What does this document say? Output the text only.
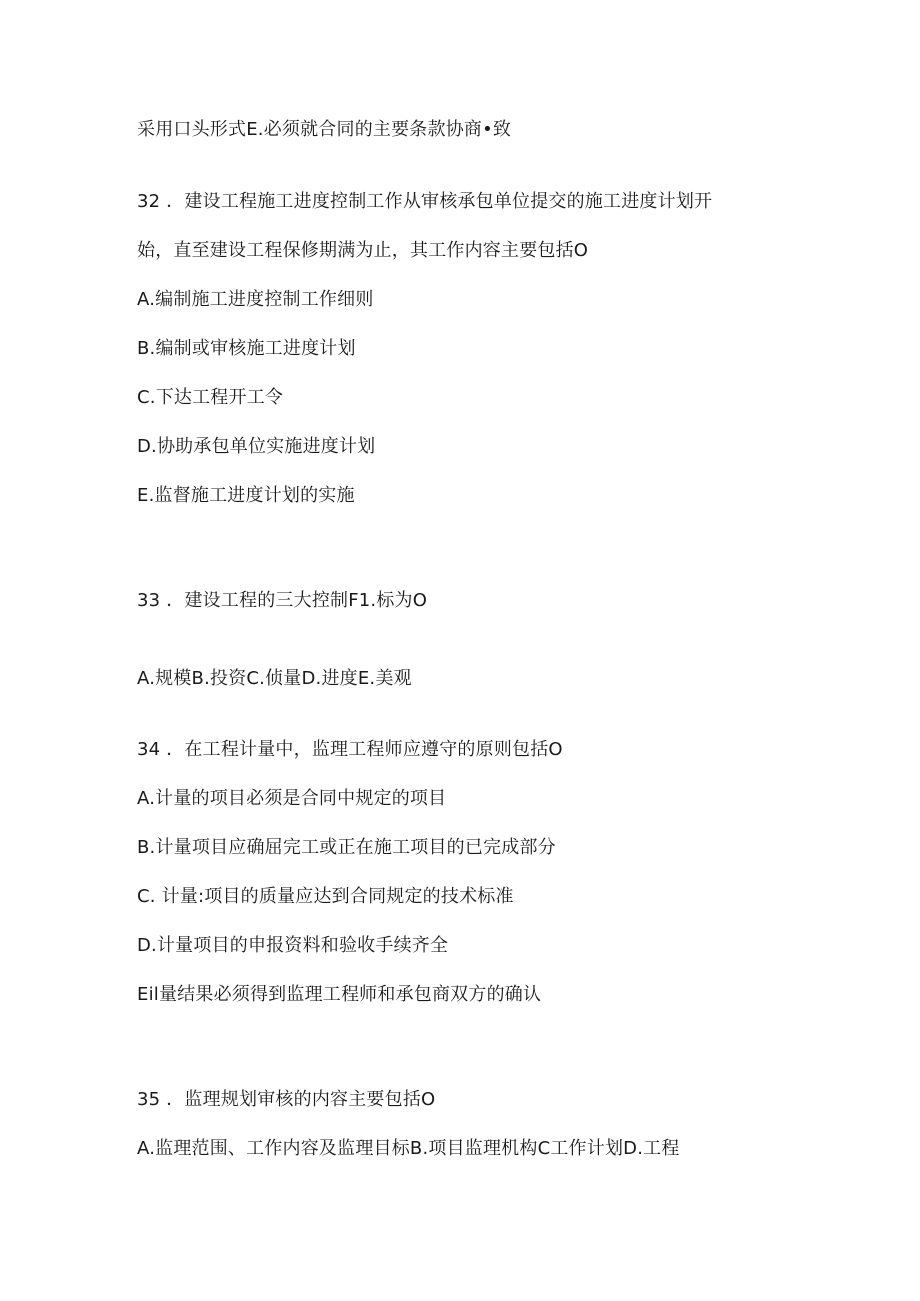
采用口头形式E.必须就合同的主要条款协商•致
32 ．建设工程施工进度控制工作从审核承包单位提交的施工进度计划开
始，直至建设工程保修期满为止，其工作内容主要包括O
A.编制施工进度控制工作细则
B.编制或审核施工进度计划
C.下达工程开工令
D.协助承包单位实施进度计划
E.监督施工进度计划的实施
33 ．建设工程的三大控制F1.标为O
A.规模B.投资C.侦量D.进度E.美观
34 ．在工程计量中，监理工程师应遵守的原则包括O
A.计量的项目必须是合同中规定的项目
B.计量项目应确屈完工或正在施工项目的已完成部分
C. 计量:项目的质量应达到合同规定的技术标准
D.计量项目的申报资料和验收手续齐全
Eil量结果必须得到监理工程师和承包商双方的确认
35 ．监理规划审核的内容主要包括O
A.监理范围、工作内容及监理目标B.项目监理机构C工作计划D.工程
